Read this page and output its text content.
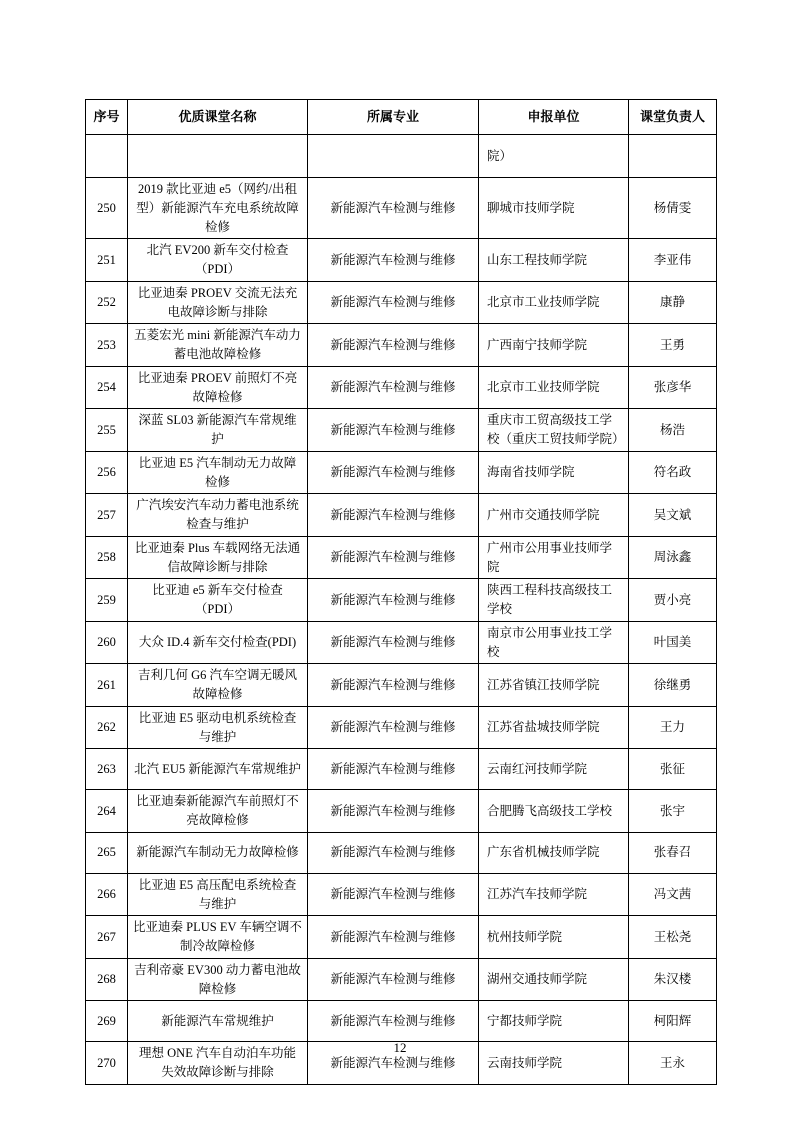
序号	优质课堂名称	所属专业	申报单位	课堂负责人
			院）	
250	2019 款比亚迪 e5（网约/出租型）新能源汽车充电系统故障检修	新能源汽车检测与维修	聊城市技师学院	杨倩雯
251	北汽 EV200 新车交付检查（PDI）	新能源汽车检测与维修	山东工程技师学院	李亚伟
252	比亚迪秦 PROEV 交流无法充电故障诊断与排除	新能源汽车检测与维修	北京市工业技师学院	康静
253	五菱宏光 mini 新能源汽车动力蓄电池故障检修	新能源汽车检测与维修	广西南宁技师学院	王勇
254	比亚迪秦 PROEV 前照灯不亮故障检修	新能源汽车检测与维修	北京市工业技师学院	张彦华
255	深蓝 SL03 新能源汽车常规维护	新能源汽车检测与维修	重庆市工贸高级技工学校（重庆工贸技师学院）	杨浩
256	比亚迪 E5 汽车制动无力故障检修	新能源汽车检测与维修	海南省技师学院	符名政
257	广汽埃安汽车动力蓄电池系统检查与维护	新能源汽车检测与维修	广州市交通技师学院	吴文斌
258	比亚迪秦 Plus 车载网络无法通信故障诊断与排除	新能源汽车检测与维修	广州市公用事业技师学院	周泳鑫
259	比亚迪 e5 新车交付检查（PDI）	新能源汽车检测与维修	陕西工程科技高级技工学校	贾小亮
260	大众 ID.4 新车交付检查(PDI)	新能源汽车检测与维修	南京市公用事业技工学校	叶国美
261	吉利几何 G6 汽车空调无暖风故障检修	新能源汽车检测与维修	江苏省镇江技师学院	徐继勇
262	比亚迪 E5 驱动电机系统检查与维护	新能源汽车检测与维修	江苏省盐城技师学院	王力
263	北汽 EU5 新能源汽车常规维护	新能源汽车检测与维修	云南红河技师学院	张征
264	比亚迪秦新能源汽车前照灯不亮故障检修	新能源汽车检测与维修	合肥腾飞高级技工学校	张宇
265	新能源汽车制动无力故障检修	新能源汽车检测与维修	广东省机械技师学院	张春召
266	比亚迪 E5 高压配电系统检查与维护	新能源汽车检测与维修	江苏汽车技师学院	冯文茜
267	比亚迪秦 PLUS EV 车辆空调不制冷故障检修	新能源汽车检测与维修	杭州技师学院	王松尧
268	吉利帝豪 EV300 动力蓄电池故障检修	新能源汽车检测与维修	湖州交通技师学院	朱汉楼
269	新能源汽车常规维护	新能源汽车检测与维修	宁都技师学院	柯阳辉
270	理想 ONE 汽车自动泊车功能失效故障诊断与排除	新能源汽车检测与维修	云南技师学院	王永
12
